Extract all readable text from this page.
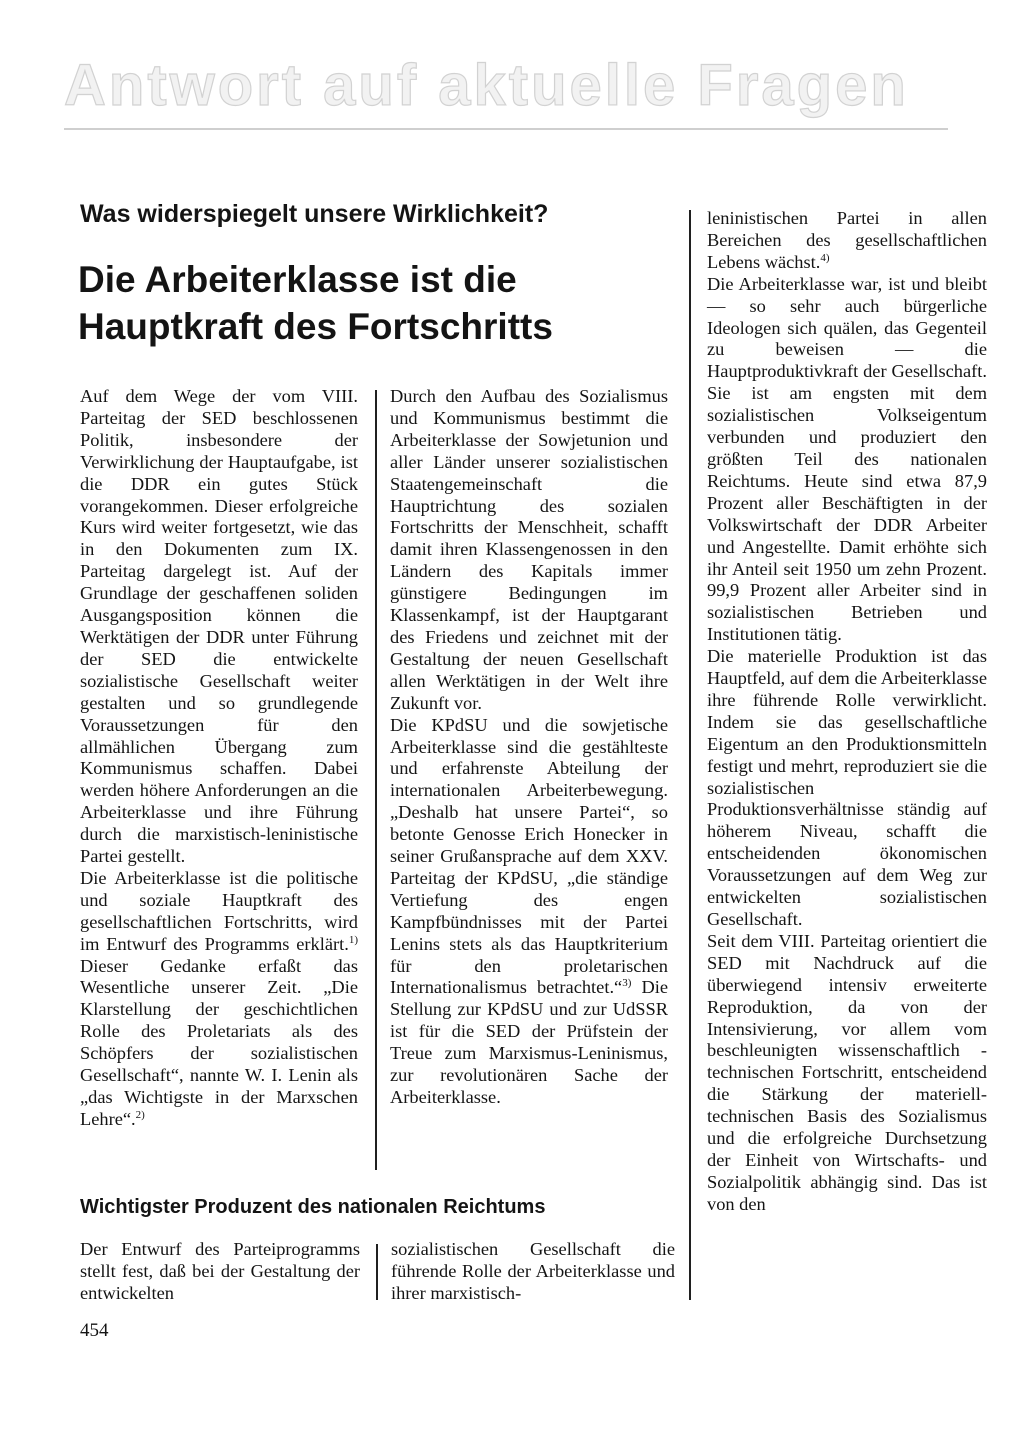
Antwort auf aktuelle Fragen
Was widerspiegelt unsere Wirklichkeit?
Die Arbeiterklasse ist die
Hauptkraft des Fortschritts

Auf dem Wege der vom VIII. Parteitag der SED beschlossenen Politik, insbesondere der Verwirklichung der Hauptaufgabe, ist die DDR ein gutes Stück vorangekommen. Dieser erfolgreiche Kurs wird weiter fortgesetzt, wie das in den Dokumenten zum IX. Parteitag dargelegt ist. Auf der Grundlage der geschaffenen soliden Ausgangsposition können die Werktätigen der DDR unter Führung der SED die entwickelte sozialistische Gesellschaft weiter gestalten und so grundlegende Voraussetzungen für den allmählichen Übergang zum Kommunismus schaffen. Dabei werden höhere Anforderungen an die Arbeiterklasse und ihre Führung durch die marxistisch-leninistische Partei gestellt.

Die Arbeiterklasse ist die politische und soziale Hauptkraft des gesellschaftlichen Fortschritts, wird im Entwurf des Programms erklärt.$^{1)}$ Dieser Gedanke erfaßt das Wesentliche unserer Zeit. „Die Klarstellung der geschichtlichen Rolle des Proletariats als des Schöpfers der sozialistischen Gesellschaft“, nannte W. I. Lenin als „das Wichtigste in der Marxschen Lehre“.$^{2)}$

Durch den Aufbau des Sozialismus und Kommunismus bestimmt die Arbeiterklasse der Sowjetunion und aller Länder unserer sozialistischen Staatengemeinschaft die Hauptrichtung des sozialen Fortschritts der Menschheit, schafft damit ihren Klassengenossen in den Ländern des Kapitals immer günstigere Bedingungen im Klassenkampf, ist der Hauptgarant des Friedens und zeichnet mit der Gestaltung der neuen Gesellschaft allen Werktätigen in der Welt ihre Zukunft vor.

Die KPdSU und die sowjetische Arbeiterklasse sind die gestählteste und erfahrenste Abteilung der internationalen Arbeiterbewegung. „Deshalb hat unsere Partei“, so betonte Genosse Erich Honecker in seiner Grußansprache auf dem XXV. Parteitag der KPdSU, „die ständige Vertiefung des engen Kampfbündnisses mit der Partei Lenins stets als das Hauptkriterium für den proletarischen Internationalismus betrachtet.“$^{3)}$ Die Stellung zur KPdSU und zur UdSSR ist für die SED der Prüfstein der Treue zum Marxismus-Leninismus, zur revolutionären Sache der Arbeiterklasse.

leninistischen Partei in allen Bereichen des gesellschaftlichen Lebens wächst.$^{4)}$

Die Arbeiterklasse war, ist und bleibt — so sehr auch bürgerliche Ideologen sich quälen, das Gegenteil zu beweisen — die Hauptproduktivkraft der Gesellschaft. Sie ist am engsten mit dem sozialistischen Volkseigentum verbunden und produziert den größten Teil des nationalen Reichtums. Heute sind etwa 87,9 Prozent aller Beschäftigten in der Volkswirtschaft der DDR Arbeiter und Angestellte. Damit erhöhte sich ihr Anteil seit 1950 um zehn Prozent. 99,9 Prozent aller Arbeiter sind in sozialistischen Betrieben und Institutionen tätig.

Die materielle Produktion ist das Hauptfeld, auf dem die Arbeiterklasse ihre führende Rolle verwirklicht. Indem sie das gesellschaftliche Eigentum an den Produktionsmitteln festigt und mehrt, reproduziert sie die sozialistischen Produktionsverhältnisse ständig auf höherem Niveau, schafft die entscheidenden ökonomischen Voraussetzungen auf dem Weg zur entwickelten sozialistischen Gesellschaft.

Seit dem VIII. Parteitag orientiert die SED mit Nachdruck auf die überwiegend intensiv erweiterte Reproduktion, da von der Intensivierung, vor allem vom beschleunigten wissenschaftlich - technischen Fortschritt, entscheidend die Stärkung der materiell-technischen Basis des Sozialismus und die erfolgreiche Durchsetzung der Einheit von Wirtschafts- und Sozialpolitik abhängig sind. Das ist von den

Wichtigster Produzent des nationalen Reichtums

Der Entwurf des Parteiprogramms stellt fest, daß bei der Gestaltung der entwickelten

sozialistischen Gesellschaft die führende Rolle der Arbeiterklasse und ihrer marxistisch-

454
